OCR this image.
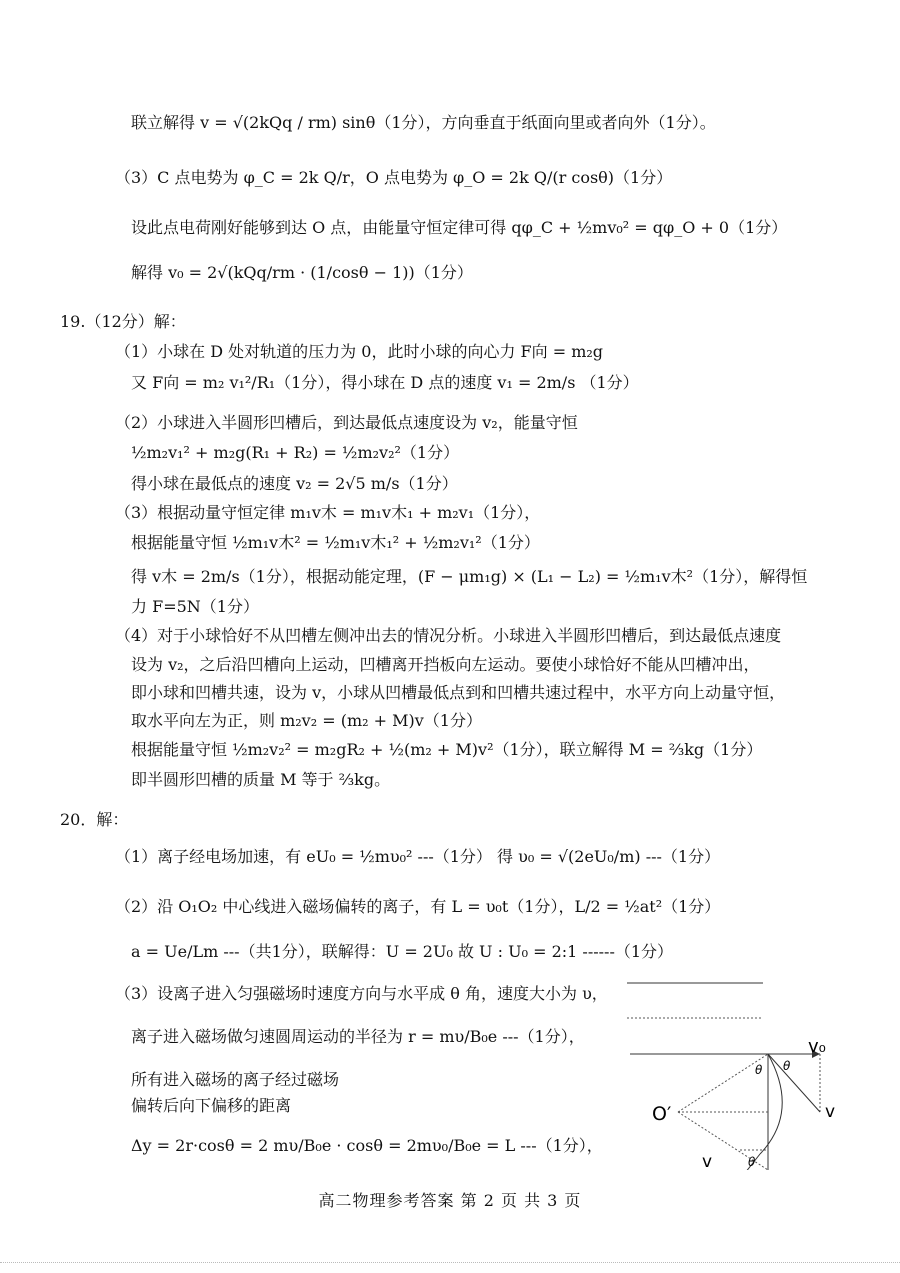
联立解得 v = √(2kQq / rm) sinθ（1分），方向垂直于纸面向里或者向外（1分）。
（3）C 点电势为 φ_C = 2k Q/r，O 点电势为 φ_O = 2k Q/(r cosθ)（1分）
设此点电荷刚好能够到达 O 点，由能量守恒定律可得 qφ_C + ½mv₀² = qφ_O + 0（1分）
解得 v₀ = 2√(kQq/rm · (1/cosθ − 1))（1分）
19.（12分）解：
（1）小球在 D 处对轨道的压力为 0，此时小球的向心力 F向 = m₂g
又 F向 = m₂ v₁²/R₁（1分），得小球在 D 点的速度 v₁ = 2m/s （1分）
（2）小球进入半圆形凹槽后，到达最低点速度设为 v₂，能量守恒
½m₂v₁² + m₂g(R₁ + R₂) = ½m₂v₂²（1分）
得小球在最低点的速度 v₂ = 2√5 m/s（1分）
（3）根据动量守恒定律 m₁v木 = m₁v木₁ + m₂v₁（1分），
根据能量守恒 ½m₁v木² = ½m₁v木₁² + ½m₂v₁²（1分）
得 v木 = 2m/s（1分），根据动能定理，(F − μm₁g) × (L₁ − L₂) = ½m₁v木²（1分），解得恒
力 F=5N（1分）
（4）对于小球恰好不从凹槽左侧冲出去的情况分析。小球进入半圆形凹槽后，到达最低点速度
设为 v₂，之后沿凹槽向上运动，凹槽离开挡板向左运动。要使小球恰好不能从凹槽冲出，
即小球和凹槽共速，设为 v，小球从凹槽最低点到和凹槽共速过程中，水平方向上动量守恒，
取水平向左为正，则 m₂v₂ = (m₂ + M)v（1分）
根据能量守恒 ½m₂v₂² = m₂gR₂ + ½(m₂ + M)v²（1分），联立解得 M = ⅔kg（1分）
即半圆形凹槽的质量 M 等于 ⅔kg。
20．解：
（1）离子经电场加速，有 eU₀ = ½mυ₀² ---（1分） 得 υ₀ = √(2eU₀/m) ---（1分）
（2）沿 O₁O₂ 中心线进入磁场偏转的离子，有 L = υ₀t（1分），L/2 = ½at²（1分）
a = Ue/Lm ---（共1分），联解得：U = 2U₀ 故 U : U₀ = 2:1 ------（1分）
（3）设离子进入匀强磁场时速度方向与水平成 θ 角，速度大小为 υ，
离子进入磁场做匀速圆周运动的半径为 r = mυ/B₀e ---（1分），
所有进入磁场的离子经过磁场
偏转后向下偏移的距离
Δy = 2r·cosθ = 2 mυ/B₀e · cosθ = 2mυ₀/B₀e = L ---（1分），
v₀
v
v
O′
θ θ
θ
高二物理参考答案 第 2 页 共 3 页
